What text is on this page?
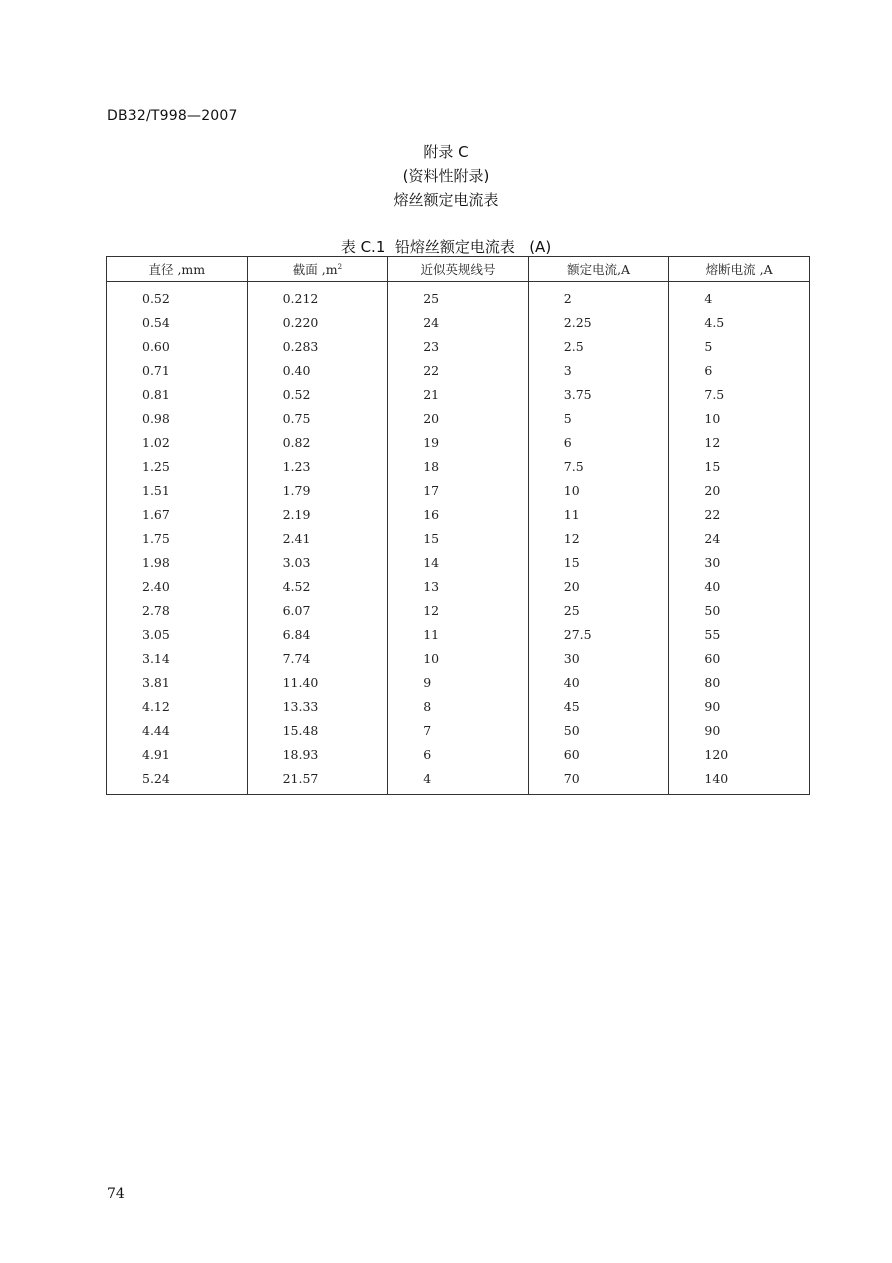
DB32/T998—2007
附录 C
(资料性附录)
熔丝额定电流表
表 C.1  铅熔丝额定电流表   (A)
直径 ,mm	截面 $,m^2$	近似英规线号	额定电流,A	熔断电流 ,A
0.52	0.212	25	2	4
0.54	0.220	24	2.25	4.5
0.60	0.283	23	2.5	5
0.71	0.40	22	3	6
0.81	0.52	21	3.75	7.5
0.98	0.75	20	5	10
1.02	0.82	19	6	12
1.25	1.23	18	7.5	15
1.51	1.79	17	10	20
1.67	2.19	16	11	22
1.75	2.41	15	12	24
1.98	3.03	14	15	30
2.40	4.52	13	20	40
2.78	6.07	12	25	50
3.05	6.84	11	27.5	55
3.14	7.74	10	30	60
3.81	11.40	9	40	80
4.12	13.33	8	45	90
4.44	15.48	7	50	90
4.91	18.93	6	60	120
5.24	21.57	4	70	140
74
